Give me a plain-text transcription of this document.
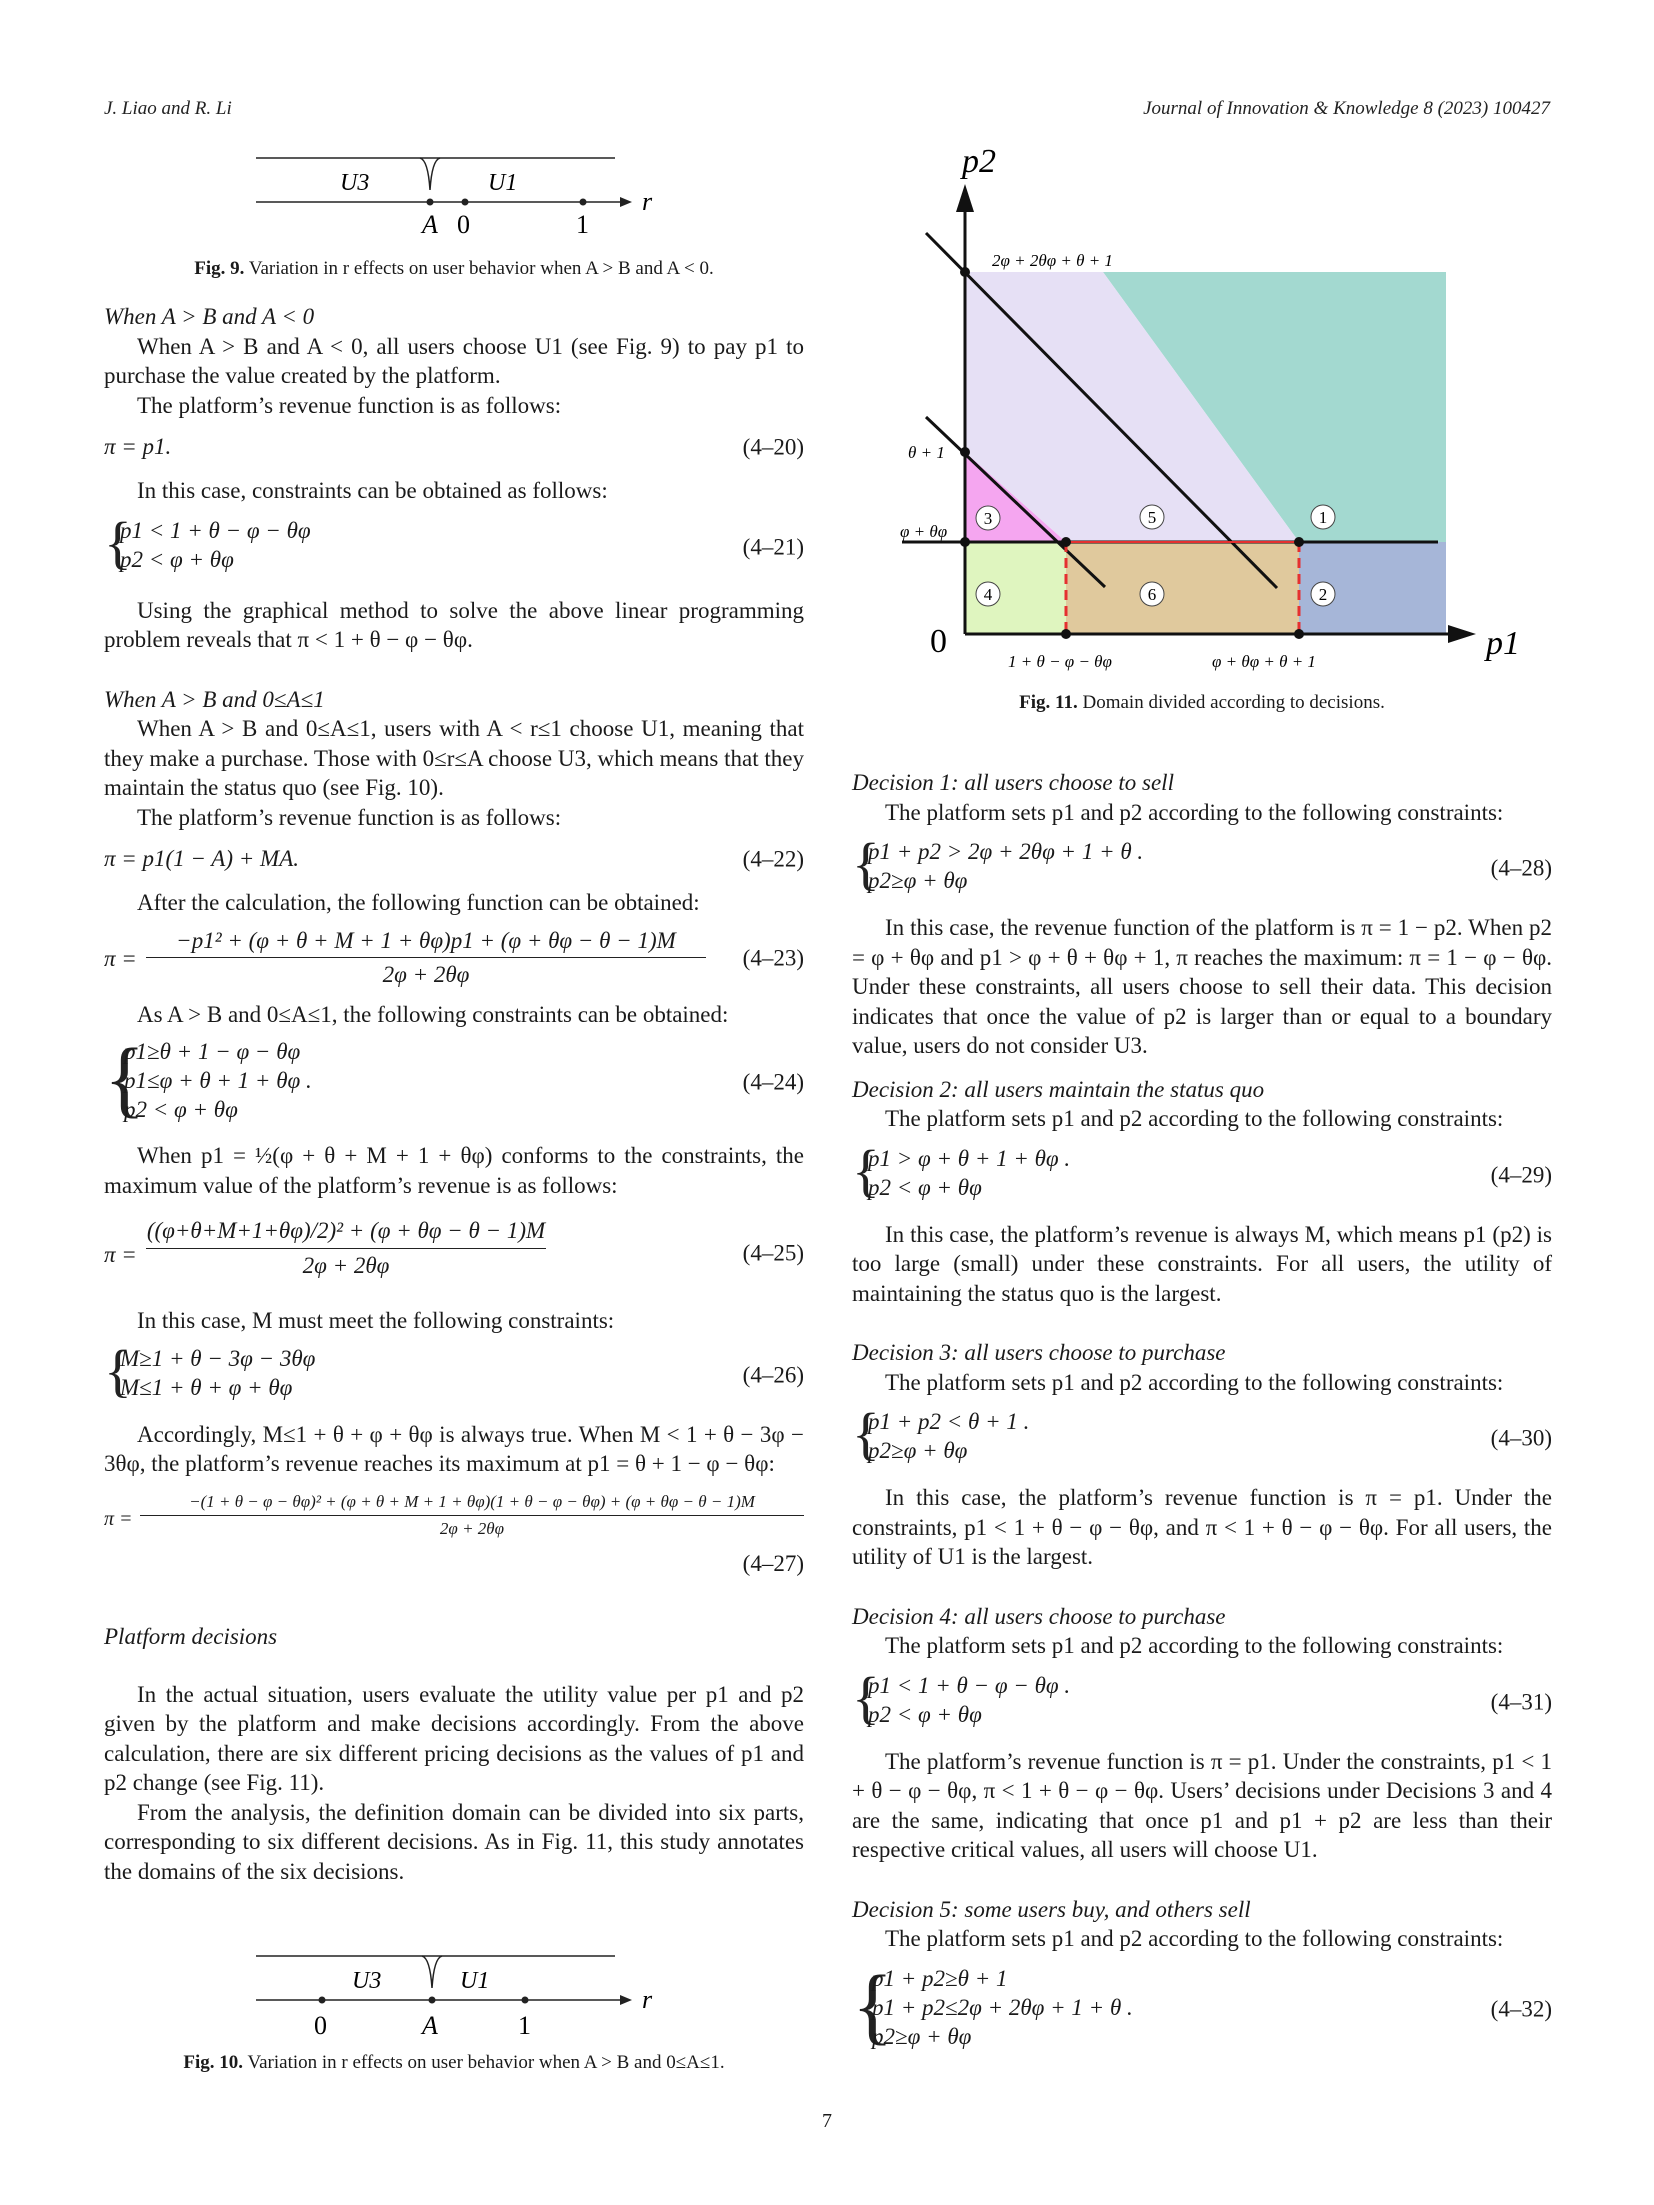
J. Liao and R. Li	Journal of Innovation & Knowledge 8 (2023) 100427
U3	U1
A 0	1
r
Fig. 9. Variation in r effects on user behavior when A > B and A < 0.

When A > B and A < 0

When A > B and A < 0, all users choose U1 (see Fig. 9) to pay p1 to purchase the value created by the platform.

The platform’s revenue function is as follows:

π = p1.	(4–20)

In this case, constraints can be obtained as follows:

{
p1 < 1 + θ − φ − θφ
p2 < φ + θφ
(4–21)

Using the graphical method to solve the above linear programming problem reveals that π < 1 + θ − φ − θφ.

When A > B and 0≤A≤1

When A > B and 0≤A≤1, users with A < r≤1 choose U1, meaning that they make a purchase. Those with 0≤r≤A choose U3, which means that they maintain the status quo (see Fig. 10).

The platform’s revenue function is as follows:

π = p1(1 − A) + MA.	(4–22)

After the calculation, the following function can be obtained:

π =
−p1² + (φ + θ + M + 1 + θφ)p1 + (φ + θφ − θ − 1)M
2φ + 2θφ
(4–23)

As A > B and 0≤A≤1, the following constraints can be obtained:

{
p1≥θ + 1 − φ − θφ
p1≤φ + θ + 1 + θφ .
p2 < φ + θφ
(4–24)

When p1 = ½(φ + θ + M + 1 + θφ) conforms to the constraints, the maximum value of the platform’s revenue is as follows:

π =
((φ+θ+M+1+θφ)/2)² + (φ + θφ − θ − 1)M
2φ + 2θφ	(4–25)

In this case, M must meet the following constraints:

{
M≥1 + θ − 3φ − 3θφ
M≤1 + θ + φ + θφ
(4–26)

Accordingly, M≤1 + θ + φ + θφ is always true. When M < 1 + θ − 3φ − 3θφ, the platform’s revenue reaches its maximum at p1 = θ + 1 − φ − θφ:

π =
−(1 + θ − φ − θφ)² + (φ + θ + M + 1 + θφ)(1 + θ − φ − θφ) + (φ + θφ − θ − 1)M
2φ + 2θφ
(4–27)

Platform decisions

In the actual situation, users evaluate the utility value per p1 and p2 given by the platform and make decisions accordingly. From the above calculation, there are six different pricing decisions as the values of p1 and p2 change (see Fig. 11).

From the analysis, the definition domain can be divided into six parts, corresponding to six different decisions. As in Fig. 11, this study annotates the domains of the six decisions.

U3	U1
0	A	1
r
Fig. 10. Variation in r effects on user behavior when A > B and 0≤A≤1.
p2
p1
0
2φ + 2θφ + θ + 1
θ + 1
φ + θφ
1 + θ − φ − θφ	φ + θφ + θ + 1
1
2
3
4
5
6
Fig. 11. Domain divided according to decisions.

Decision 1: all users choose to sell

The platform sets p1 and p2 according to the following constraints:

{
p1 + p2 > 2φ + 2θφ + 1 + θ .
p2≥φ + θφ
(4–28)

In this case, the revenue function of the platform is π = 1 − p2. When p2 = φ + θφ and p1 > φ + θ + θφ + 1, π reaches the maximum: π = 1 − φ − θφ. Under these constraints, all users choose to sell their data. This decision indicates that once the value of p2 is larger than or equal to a boundary value, users do not consider U3.

Decision 2: all users maintain the status quo

The platform sets p1 and p2 according to the following constraints:

{
p1 > φ + θ + 1 + θφ .
p2 < φ + θφ
(4–29)

In this case, the platform’s revenue is always M, which means p1 (p2) is too large (small) under these constraints. For all users, the utility of maintaining the status quo is the largest.

Decision 3: all users choose to purchase

The platform sets p1 and p2 according to the following constraints:

{
p1 + p2 < θ + 1 .
p2≥φ + θφ
(4–30)

In this case, the platform’s revenue function is π = p1. Under the constraints, p1 < 1 + θ − φ − θφ, and π < 1 + θ − φ − θφ. For all users, the utility of U1 is the largest.

Decision 4: all users choose to purchase

The platform sets p1 and p2 according to the following constraints:

{
p1 < 1 + θ − φ − θφ .
p2 < φ + θφ
(4–31)

The platform’s revenue function is π = p1. Under the constraints, p1 < 1 + θ − φ − θφ, π < 1 + θ − φ − θφ. Users’ decisions under Decisions 3 and 4 are the same, indicating that once p1 and p1 + p2 are less than their respective critical values, all users will choose U1.

Decision 5: some users buy, and others sell

The platform sets p1 and p2 according to the following constraints:

{
p1 + p2≥θ + 1
p1 + p2≤2φ + 2θφ + 1 + θ .
p2≥φ + θφ
(4–32)
7
